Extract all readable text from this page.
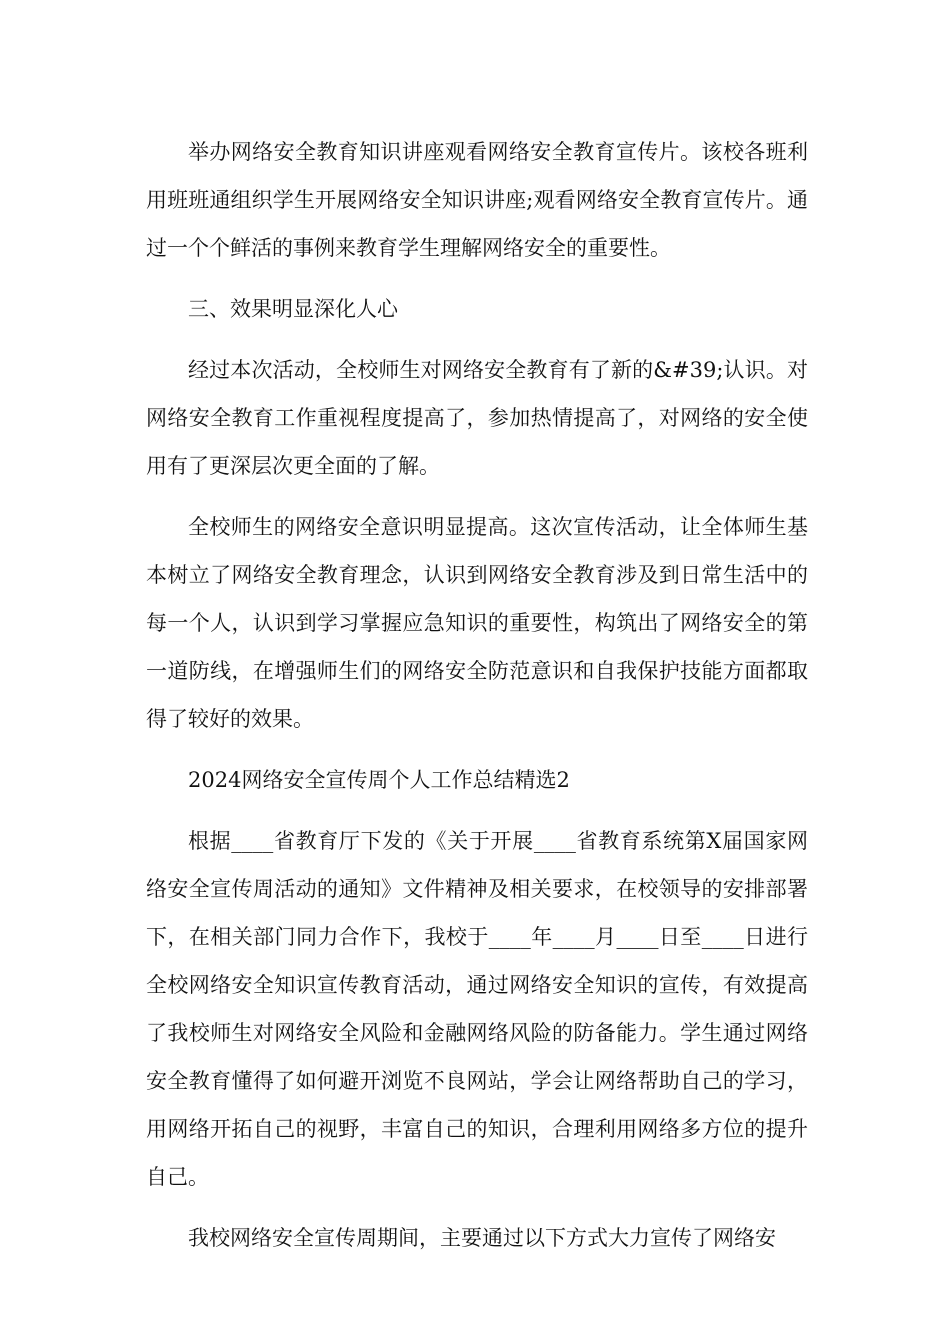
举办网络安全教育知识讲座观看网络安全教育宣传片。该校各班利用班班通组织学生开展网络安全知识讲座;观看网络安全教育宣传片。通过一个个鲜活的事例来教育学生理解网络安全的重要性。

三、效果明显深化人心

经过本次活动，全校师生对网络安全教育有了新的&#39;认识。对网络安全教育工作重视程度提高了，参加热情提高了，对网络的安全使用有了更深层次更全面的了解。

全校师生的网络安全意识明显提高。这次宣传活动，让全体师生基本树立了网络安全教育理念，认识到网络安全教育涉及到日常生活中的每一个人，认识到学习掌握应急知识的重要性，构筑出了网络安全的第一道防线，在增强师生们的网络安全防范意识和自我保护技能方面都取得了较好的效果。

2024网络安全宣传周个人工作总结精选2

根据____省教育厅下发的《关于开展____省教育系统第X届国家网络安全宣传周活动的通知》文件精神及相关要求，在校领导的安排部署下，在相关部门同力合作下，我校于____年____月____日至____日进行全校网络安全知识宣传教育活动，通过网络安全知识的宣传，有效提高了我校师生对网络安全风险和金融网络风险的防备能力。学生通过网络安全教育懂得了如何避开浏览不良网站，学会让网络帮助自己的学习，用网络开拓自己的视野，丰富自己的知识，合理利用网络多方位的提升自己。

我校网络安全宣传周期间，主要通过以下方式大力宣传了网络安
